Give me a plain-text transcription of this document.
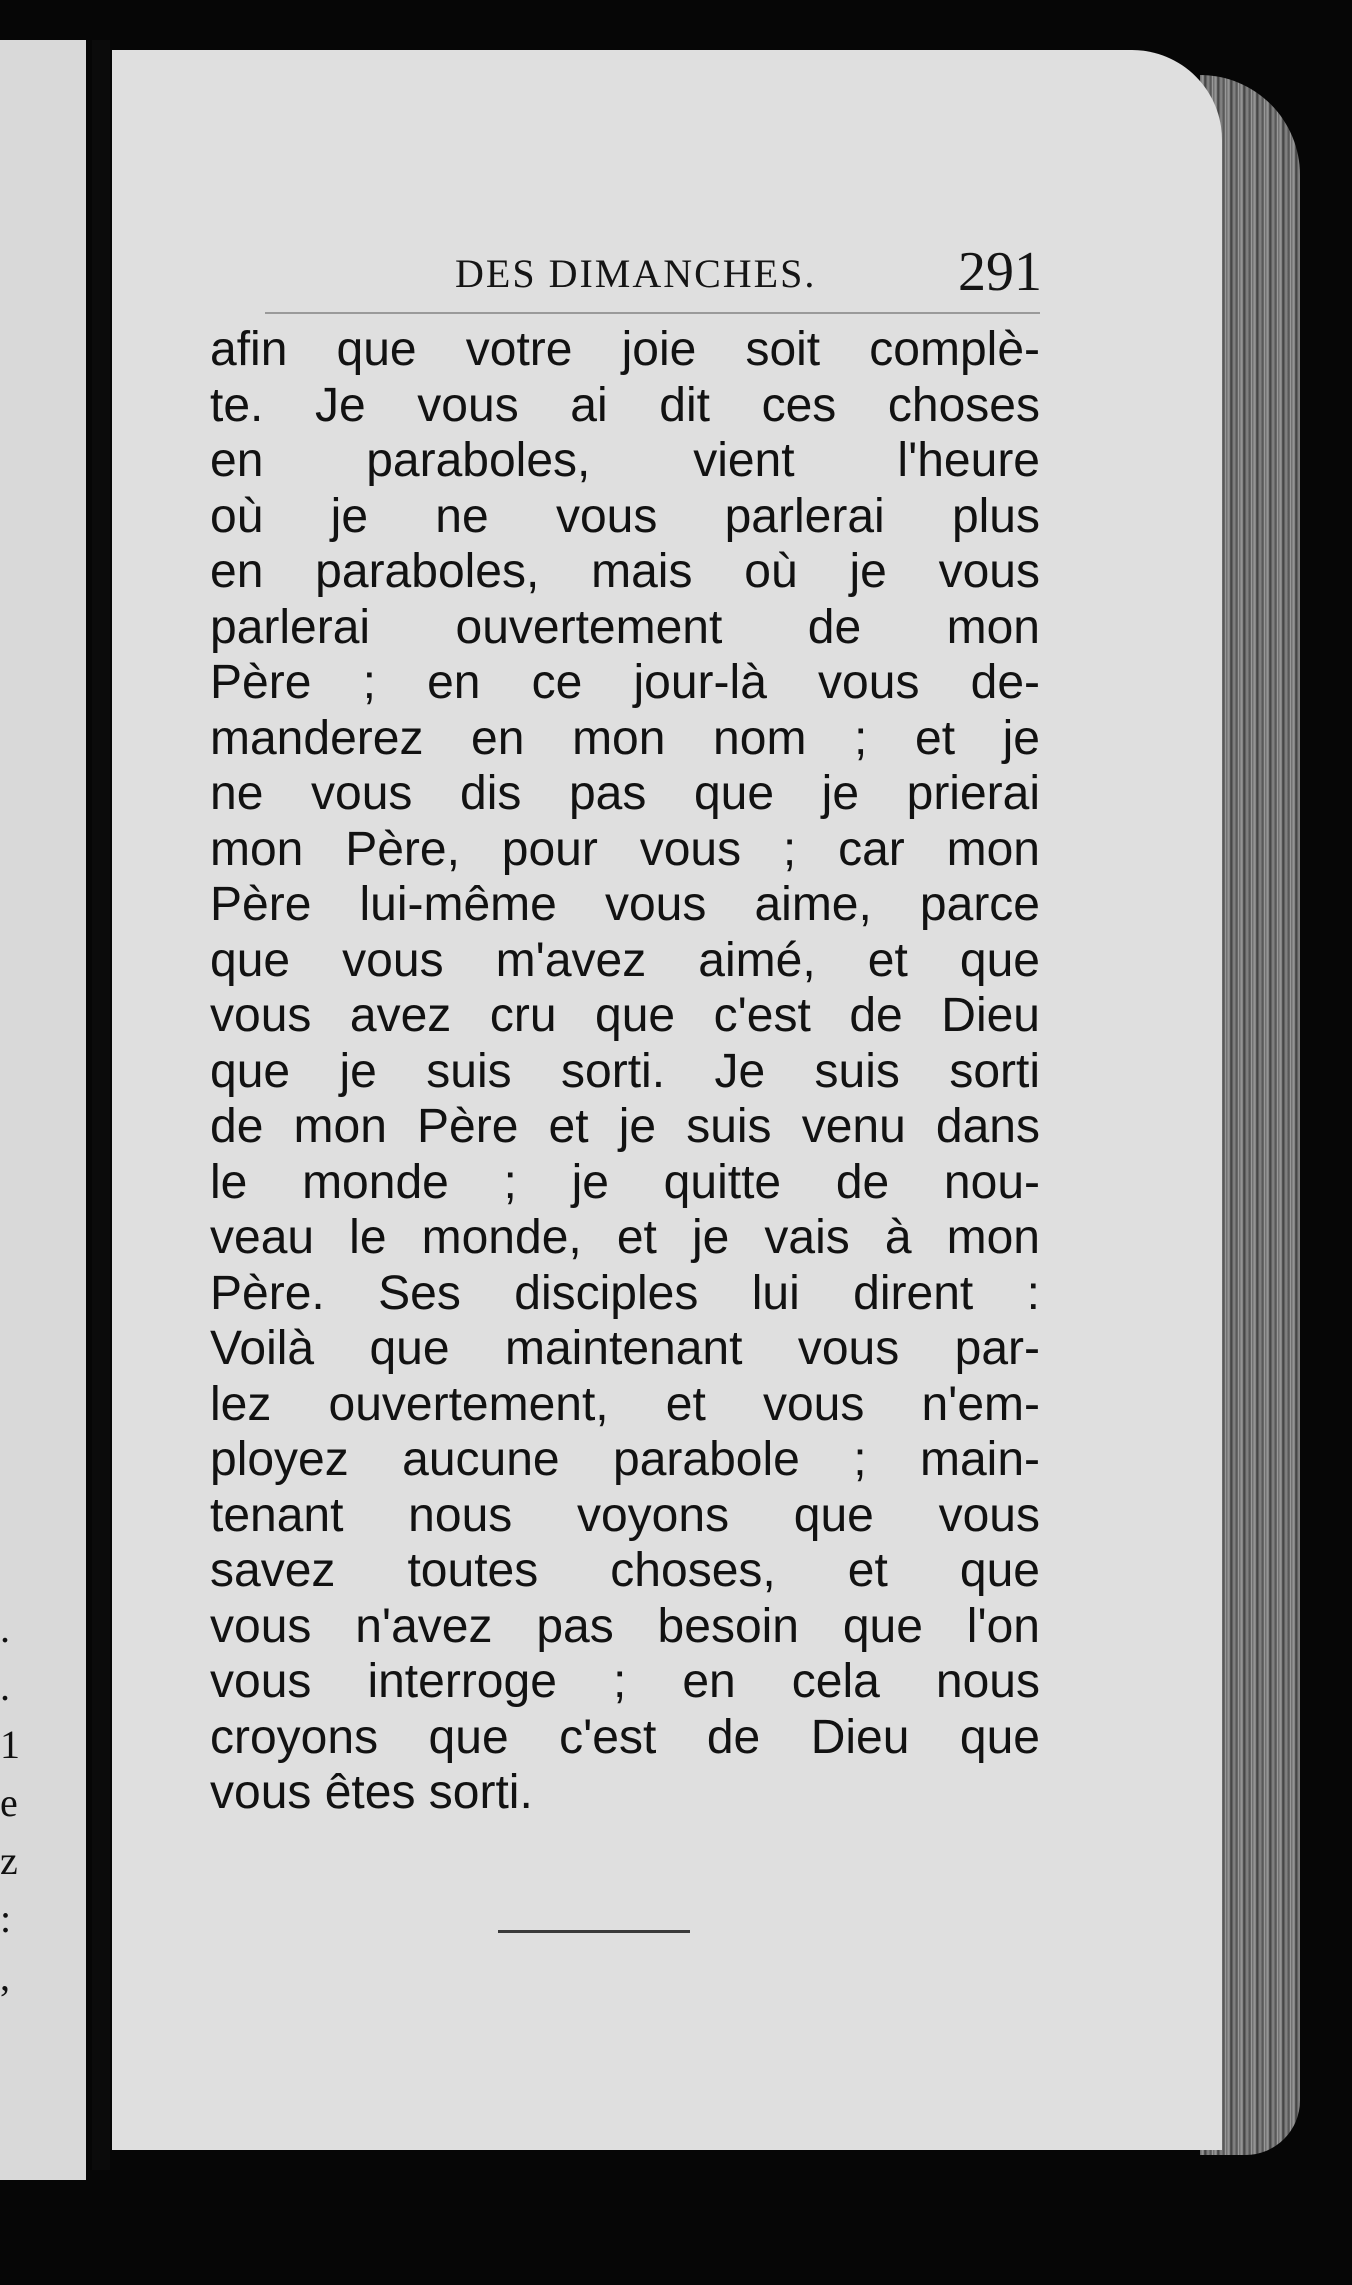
.
.
1
e
z
:
,
DES DIMANCHES.	291
afin que votre joie soit complè-
te. Je vous ai dit ces choses
en paraboles, vient l'heure
où je ne vous parlerai plus
en paraboles, mais où je vous
parlerai ouvertement de mon
Père ; en ce jour-là vous de-
manderez en mon nom ; et je
ne vous dis pas que je prierai
mon Père, pour vous ; car mon
Père lui-même vous aime, parce
que vous m'avez aimé, et que
vous avez cru que c'est de Dieu
que je suis sorti. Je suis sorti
de mon Père et je suis venu dans
le monde ; je quitte de nou-
veau le monde, et je vais à mon
Père. Ses disciples lui dirent :
Voilà que maintenant vous par-
lez ouvertement, et vous n'em-
ployez aucune parabole ; main-
tenant nous voyons que vous
savez toutes choses, et que
vous n'avez pas besoin que l'on
vous interroge ; en cela nous
croyons que c'est de Dieu que
vous êtes sorti.
